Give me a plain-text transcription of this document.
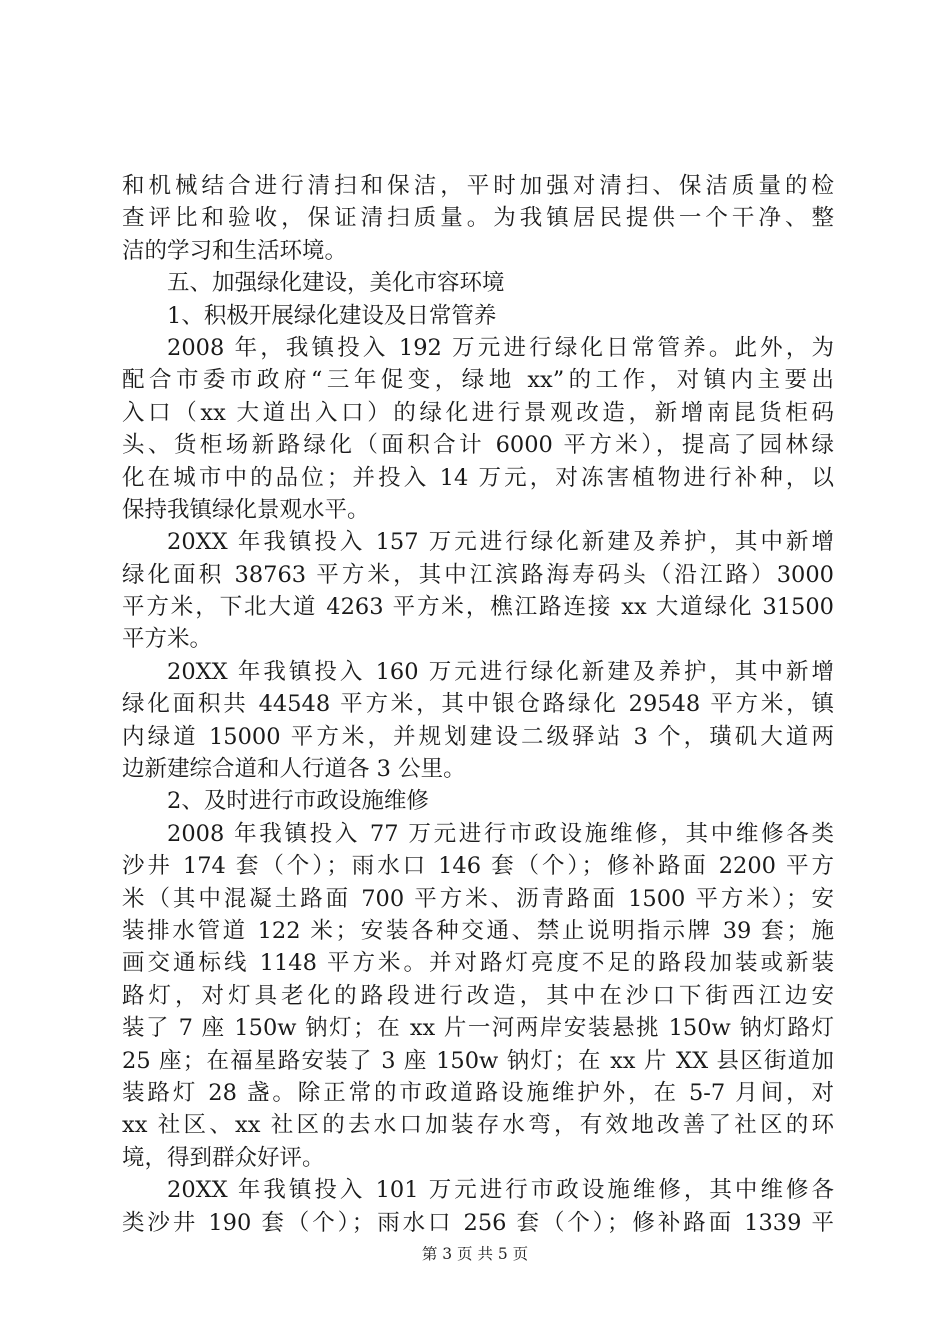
和机械结合进行清扫和保洁，平时加强对清扫、保洁质量的检
查评比和验收，保证清扫质量。为我镇居民提供一个干净、整
洁的学习和生活环境。
五、加强绿化建设，美化市容环境
1、积极开展绿化建设及日常管养
2008 年，我镇投入 192 万元进行绿化日常管养。此外，为
配合市委市政府“三年促变，绿地 xx”的工作，对镇内主要出
入口（xx 大道出入口）的绿化进行景观改造，新增南昆货柜码
头、货柜场新路绿化（面积合计 6000 平方米），提高了园林绿
化在城市中的品位；并投入 14 万元，对冻害植物进行补种，以
保持我镇绿化景观水平。
20XX 年我镇投入 157 万元进行绿化新建及养护，其中新增
绿化面积 38763 平方米，其中江滨路海寿码头（沿江路）3000
平方米，下北大道 4263 平方米，樵江路连接 xx 大道绿化 31500
平方米。
20XX 年我镇投入 160 万元进行绿化新建及养护，其中新增
绿化面积共 44548 平方米，其中银仓路绿化 29548 平方米，镇
内绿道 15000 平方米，并规划建设二级驿站 3 个，璜矶大道两
边新建综合道和人行道各 3 公里。
2、及时进行市政设施维修
2008 年我镇投入 77 万元进行市政设施维修，其中维修各类
沙井 174 套（个）；雨水口 146 套（个）；修补路面 2200 平方
米（其中混凝土路面 700 平方米、沥青路面 1500 平方米）；安
装排水管道 122 米；安装各种交通、禁止说明指示牌 39 套；施
画交通标线 1148 平方米。并对路灯亮度不足的路段加装或新装
路灯，对灯具老化的路段进行改造，其中在沙口下街西江边安
装了 7 座 150w 钠灯；在 xx 片一河两岸安装悬挑 150w 钠灯路灯
25 座；在福星路安装了 3 座 150w 钠灯；在 xx 片 XX 县区街道加
装路灯 28 盏。除正常的市政道路设施维护外，在 5-7 月间，对
xx 社区、xx 社区的去水口加装存水弯，有效地改善了社区的环
境，得到群众好评。
20XX 年我镇投入 101 万元进行市政设施维修，其中维修各
类沙井 190 套（个）；雨水口 256 套（个）；修补路面 1339 平
第 3 页 共 5 页
